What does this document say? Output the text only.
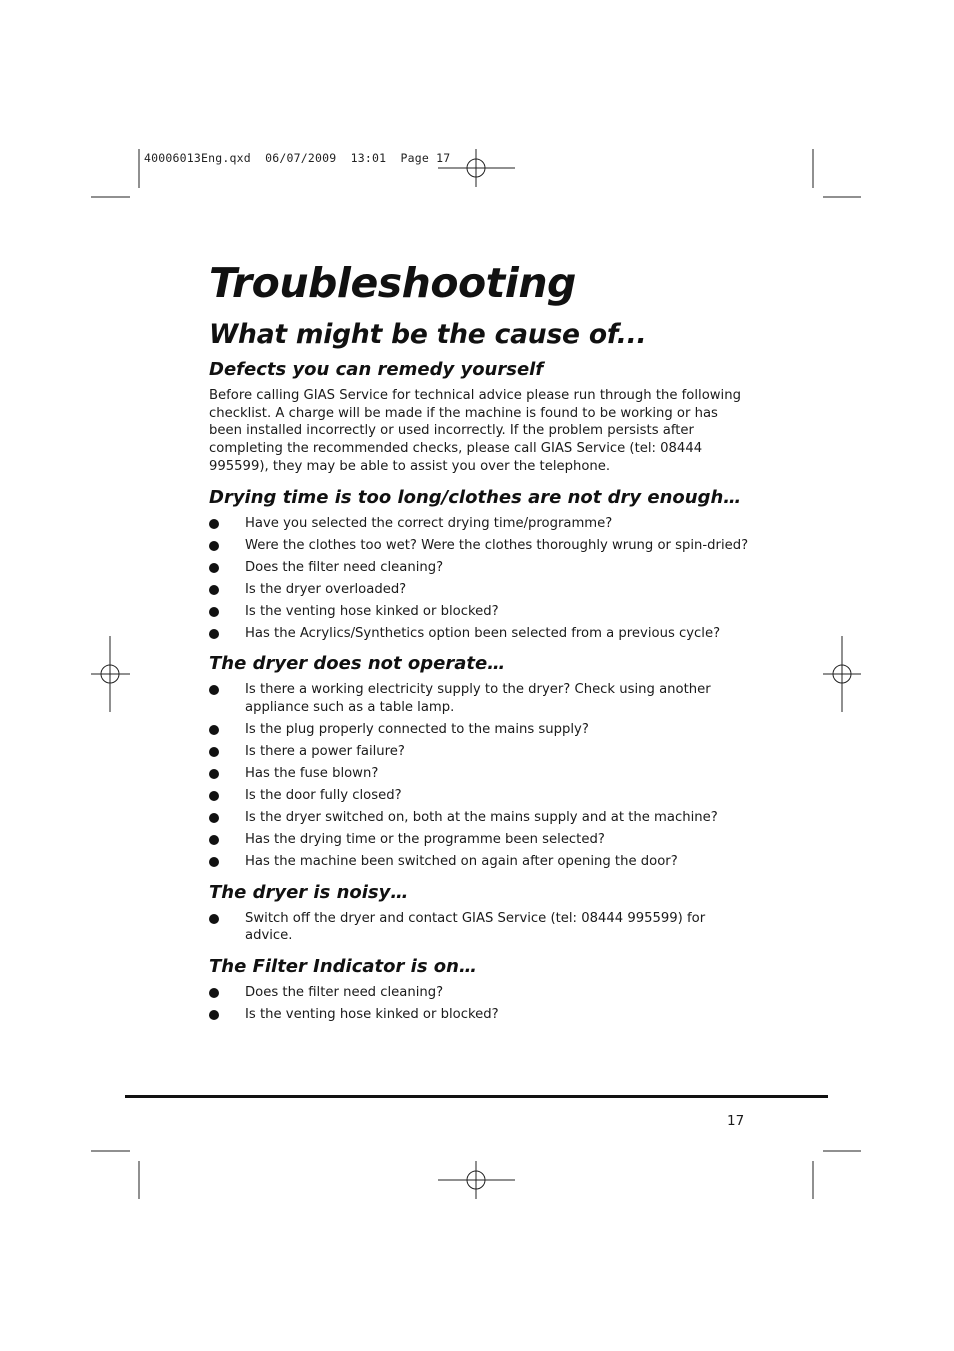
40006013Eng.qxd  06/07/2009  13:01  Page 17
Troubleshooting
What might be the cause of...
Defects you can remedy yourself

Before calling GIAS Service for technical advice please run through the following checklist. A charge will be made if the machine is found to be working or has been installed incorrectly or used incorrectly. If the problem persists after completing the recommended checks, please call GIAS Service (tel: 08444 995599), they may be able to assist you over the telephone.

Drying time is too long/clothes are not dry enough…
Have you selected the correct drying time/programme?
Were the clothes too wet? Were the clothes thoroughly wrung or spin-dried?
Does the filter need cleaning?
Is the dryer overloaded?
Is the venting hose kinked or blocked?
Has the Acrylics/Synthetics option been selected from a previous cycle?
The dryer does not operate…
Is there a working electricity supply to the dryer? Check using another appliance such as a table lamp.
Is the plug properly connected to the mains supply?
Is there a power failure?
Has the fuse blown?
Is the door fully closed?
Is the dryer switched on, both at the mains supply and at the machine?
Has the drying time or the programme been selected?
Has the machine been switched on again after opening the door?
The dryer is noisy…
Switch off the dryer and contact GIAS Service (tel: 08444 995599) for advice.
The Filter Indicator is on…
Does the filter need cleaning?
Is the venting hose kinked or blocked?
17
